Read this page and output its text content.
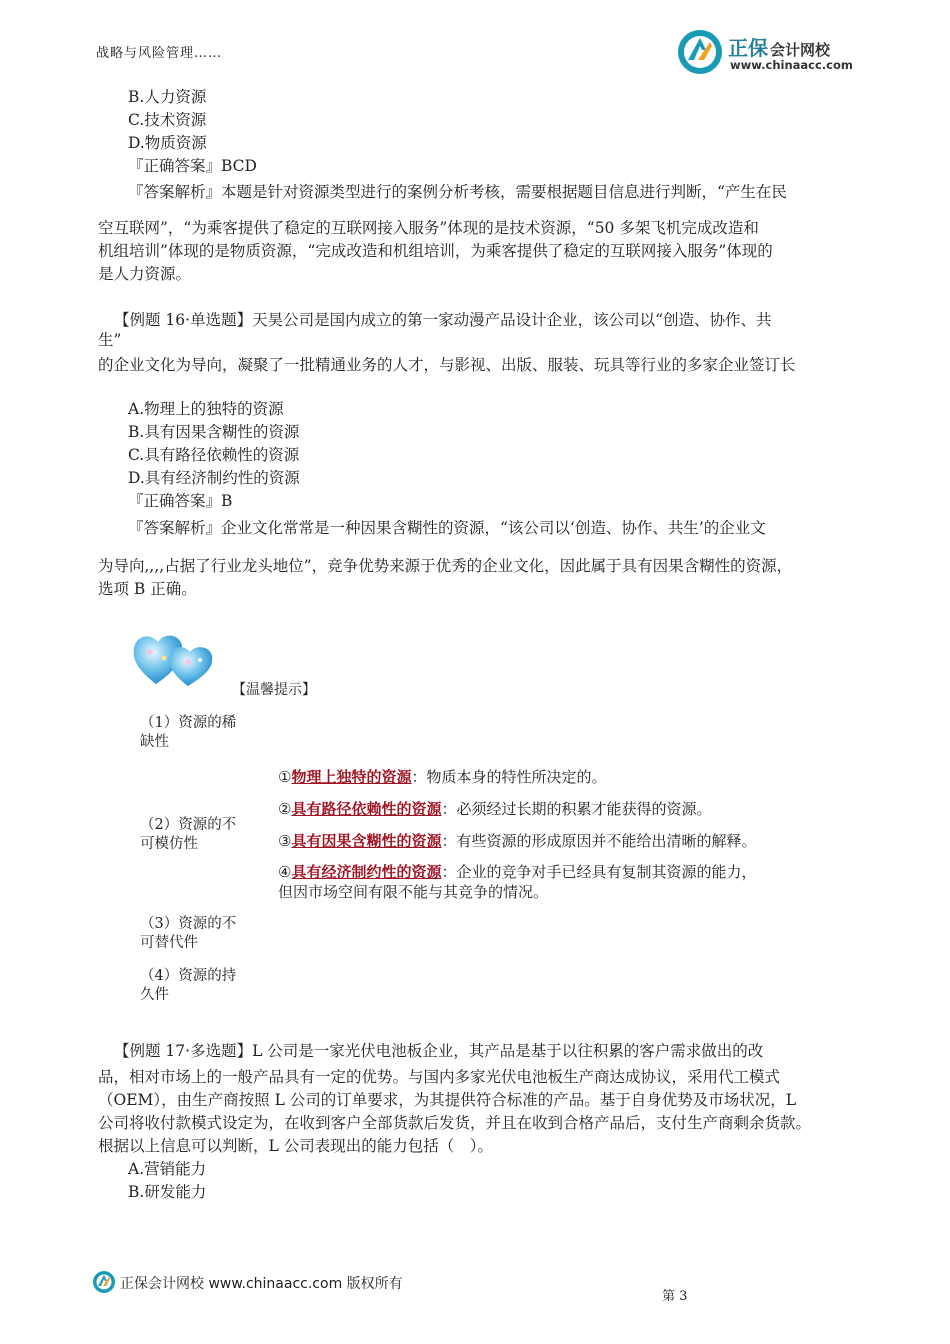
战略与风险管理……	正保 会计网校
www.chinaacc.com
B.人力资源
C.技术资源
D.物质资源
『正确答案』BCD
『答案解析』本题是针对资源类型进行的案例分析考核，需要根据题目信息进行判断，“产生在民
空互联网”，“为乘客提供了稳定的互联网接入服务”体现的是技术资源，“50 多架飞机完成改造和
机组培训”体现的是物质资源，“完成改造和机组培训，为乘客提供了稳定的互联网接入服务”体现的
是人力资源。
【例题 16·单选题】天昊公司是国内成立的第一家动漫产品设计企业，该公司以“创造、协作、共
生”
的企业文化为导向，凝聚了一批精通业务的人才，与影视、出版、服装、玩具等行业的多家企业签订长
A.物理上的独特的资源
B.具有因果含糊性的资源
C.具有路径依赖性的资源
D.具有经济制约性的资源
『正确答案』B
『答案解析』企业文化常常是一种因果含糊性的资源，“该公司以‘创造、协作、共生’的企业文
为导向,,,,占据了行业龙头地位”，竞争优势来源于优秀的企业文化，因此属于具有因果含糊性的资源，
选项 B 正确。
【温馨提示】
（1）资源的稀
缺性
（2）资源的不
可模仿性
（3）资源的不
可替代件
（4）资源的持
久件
①物理上独特的资源：物质本身的特性所决定的。
②具有路径依赖性的资源：必须经过长期的积累才能获得的资源。
③具有因果含糊性的资源：有些资源的形成原因并不能给出清晰的解释。
④具有经济制约性的资源：企业的竞争对手已经具有复制其资源的能力，
但因市场空间有限不能与其竞争的情况。
【例题 17·多选题】L 公司是一家光伏电池板企业，其产品是基于以往积累的客户需求做出的改
品，相对市场上的一般产品具有一定的优势。与国内多家光伏电池板生产商达成协议，采用代工模式
（OEM），由生产商按照 L 公司的订单要求，为其提供符合标准的产品。基于自身优势及市场状况，L
公司将收付款模式设定为，在收到客户全部货款后发货，并且在收到合格产品后，支付生产商剩余货款。
根据以上信息可以判断，L 公司表现出的能力包括（　）。
A.营销能力
B.研发能力
正保会计网校 www.chinaacc.com 版权所有
第 3
